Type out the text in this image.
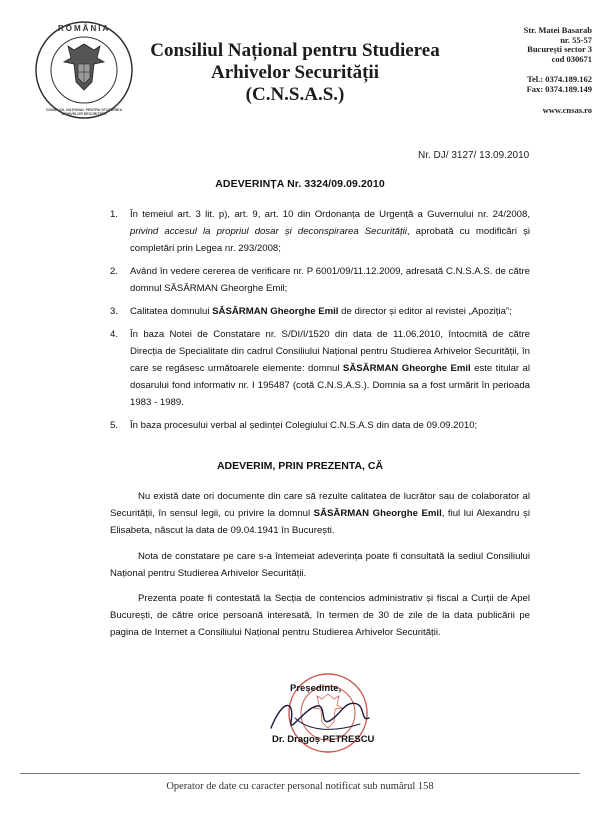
ROMÂNIA
CONSILIUL NAȚIONAL PENTRU STUDIEREA ARHIVELOR SECURITĂȚII
Consiliul Național pentru Studierea
Arhivelor Securității
(C.N.S.A.S.)
Str. Matei Basarab
nr. 55-57
București sector 3
cod 030671
Tel.: 0374.189.162
Fax: 0374.189.149
www.cnsas.ro
Nr. DJ/ 3127/ 13.09.2010
ADEVERINȚA Nr. 3324/09.09.2010
1. În temeiul art. 3 lit. p), art. 9, art. 10 din Ordonanța de Urgență a Guvernului nr. 24/2008, privind accesul la propriul dosar și deconspirarea Securității, aprobată cu modificări și completări prin Legea nr. 293/2008;
2. Având în vedere cererea de verificare nr. P 6001/09/11.12.2009, adresată C.N.S.A.S. de către domnul SĂSĂRMAN Gheorghe Emil;
3. Calitatea domnului SĂSĂRMAN Gheorghe Emil de director și editor al revistei „Apoziția”;
4. În baza Notei de Constatare nr. S/DI/I/1520 din data de 11.06.2010, întocmită de către Direcția de Specialitate din cadrul Consiliului Național pentru Studierea Arhivelor Securității, în care se regăsesc următoarele elemente: domnul SĂSĂRMAN Gheorghe Emil este titular al dosarului fond informativ nr. I 195487 (cotă C.N.S.A.S.). Domnia sa a fost urmărit în perioada 1983 - 1989.
5. În baza procesului verbal al ședinței Colegiului C.N.S.A.S din data de 09.09.2010;
ADEVERIM, PRIN PREZENTA, CĂ

Nu există date ori documente din care să rezulte calitatea de lucrător sau de colaborator al Securității, în sensul legii, cu privire la domnul SĂSĂRMAN Gheorghe Emil, fiul lui Alexandru și Elisabeta, născut la data de 09.04.1941 în București.

Nota de constatare pe care s-a întemeiat adeverința poate fi consultată la sediul Consiliului Național pentru Studierea Arhivelor Securității.

Prezenta poate fi contestată la Secția de contencios administrativ și fiscal a Curții de Apel București, de către orice persoană interesată, în termen de 30 de zile de la data publicării pe pagina de Internet a Consiliului Național pentru Studierea Arhivelor Securității.

Președinte,
Dr. Dragoș PETRESCU
Operator de date cu caracter personal notificat sub numărul 158
